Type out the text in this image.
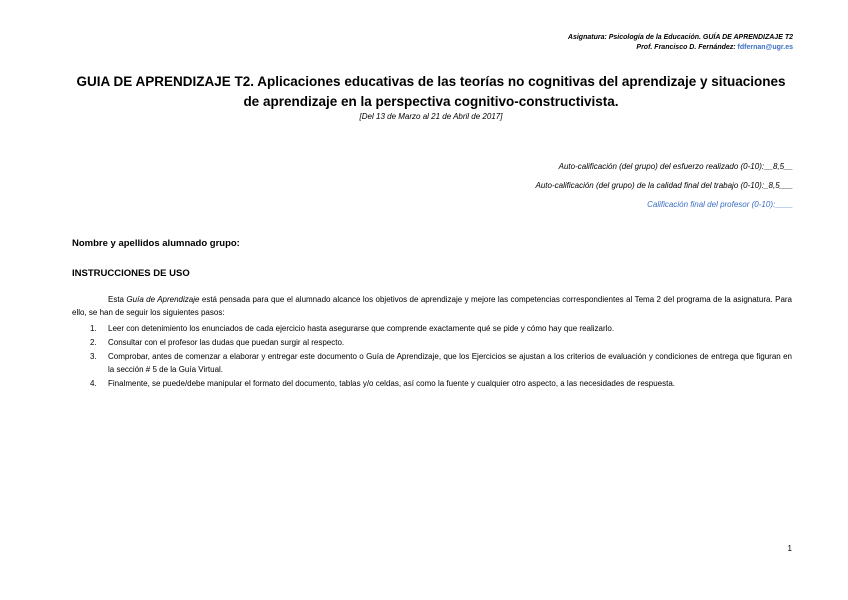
Asignatura: Psicología de la Educación. GUÍA DE APRENDIZAJE T2
Prof. Francisco D. Fernández: fdfernan@ugr.es
GUIA DE APRENDIZAJE T2. Aplicaciones educativas de las teorías no cognitivas del aprendizaje y situaciones de aprendizaje en la perspectiva cognitivo-constructivista.
[Del 13 de Marzo al 21 de Abril de 2017]
Auto-calificación (del grupo) del esfuerzo realizado (0-10):__8,5__
Auto-calificación (del grupo) de la calidad final del trabajo (0-10):_8,5___
Calificación final del profesor (0-10):____
Nombre y apellidos alumnado grupo:
INSTRUCCIONES DE USO

Esta Guía de Aprendizaje está pensada para que el alumnado alcance los objetivos de aprendizaje y mejore las competencias correspondientes al Tema 2 del programa de la asignatura. Para ello, se han de seguir los siguientes pasos:

1. Leer con detenimiento los enunciados de cada ejercicio hasta asegurarse que comprende exactamente qué se pide y cómo hay que realizarlo.
2. Consultar con el profesor las dudas que puedan surgir al respecto.
3. Comprobar, antes de comenzar a elaborar y entregar este documento o Guía de Aprendizaje, que los Ejercicios se ajustan a los criterios de evaluación y condiciones de entrega que figuran en la sección # 5 de la Guía Virtual.
4. Finalmente, se puede/debe manipular el formato del documento, tablas y/o celdas, así como la fuente y cualquier otro aspecto, a las necesidades de respuesta.
1
